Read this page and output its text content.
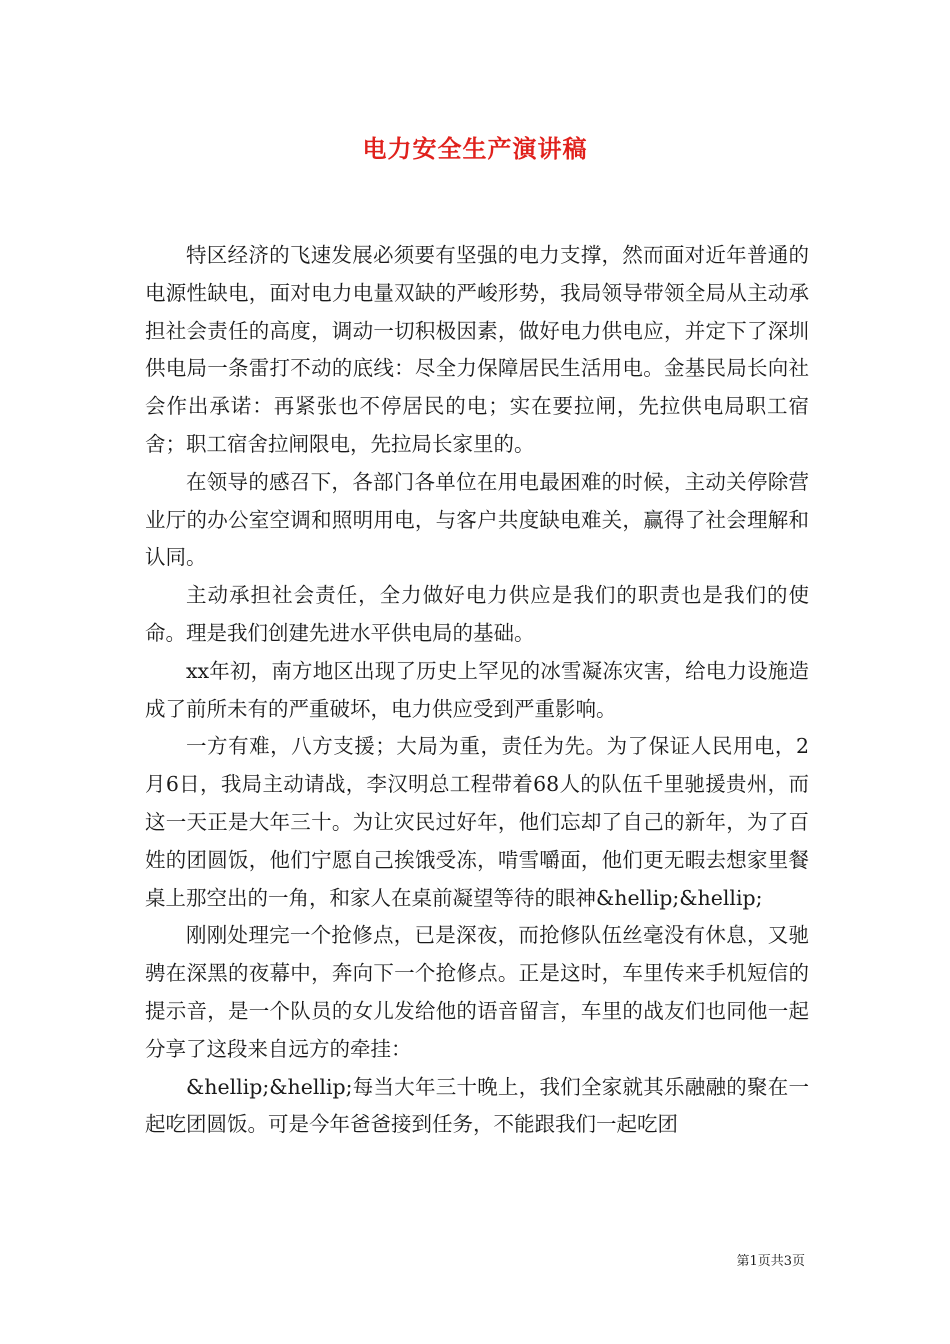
电力安全生产演讲稿

特区经济的飞速发展必须要有坚强的电力支撑，然而面对近年普通的电源性缺电，面对电力电量双缺的严峻形势，我局领导带领全局从主动承担社会责任的高度，调动一切积极因素，做好电力供电应，并定下了深圳供电局一条雷打不动的底线：尽全力保障居民生活用电。金基民局长向社会作出承诺：再紧张也不停居民的电；实在要拉闸，先拉供电局职工宿舍；职工宿舍拉闸限电，先拉局长家里的。

在领导的感召下，各部门各单位在用电最困难的时候，主动关停除营业厅的办公室空调和照明用电，与客户共度缺电难关，赢得了社会理解和认同。

主动承担社会责任，全力做好电力供应是我们的职责也是我们的使命。理是我们创建先进水平供电局的基础。

xx年初，南方地区出现了历史上罕见的冰雪凝冻灾害，给电力设施造成了前所未有的严重破坏，电力供应受到严重影响。

一方有难，八方支援；大局为重，责任为先。为了保证人民用电，2月6日，我局主动请战，李汉明总工程带着68人的队伍千里驰援贵州，而这一天正是大年三十。为让灾民过好年，他们忘却了自己的新年，为了百姓的团圆饭，他们宁愿自己挨饿受冻，啃雪嚼面，他们更无暇去想家里餐桌上那空出的一角，和家人在桌前凝望等待的眼神&hellip;&hellip;

刚刚处理完一个抢修点，已是深夜，而抢修队伍丝毫没有休息，又驰骋在深黑的夜幕中，奔向下一个抢修点。正是这时，车里传来手机短信的提示音，是一个队员的女儿发给他的语音留言，车里的战友们也同他一起分享了这段来自远方的牵挂：

&hellip;&hellip;每当大年三十晚上，我们全家就其乐融融的聚在一起吃团圆饭。可是今年爸爸接到任务，不能跟我们一起吃团

第1页共3页
